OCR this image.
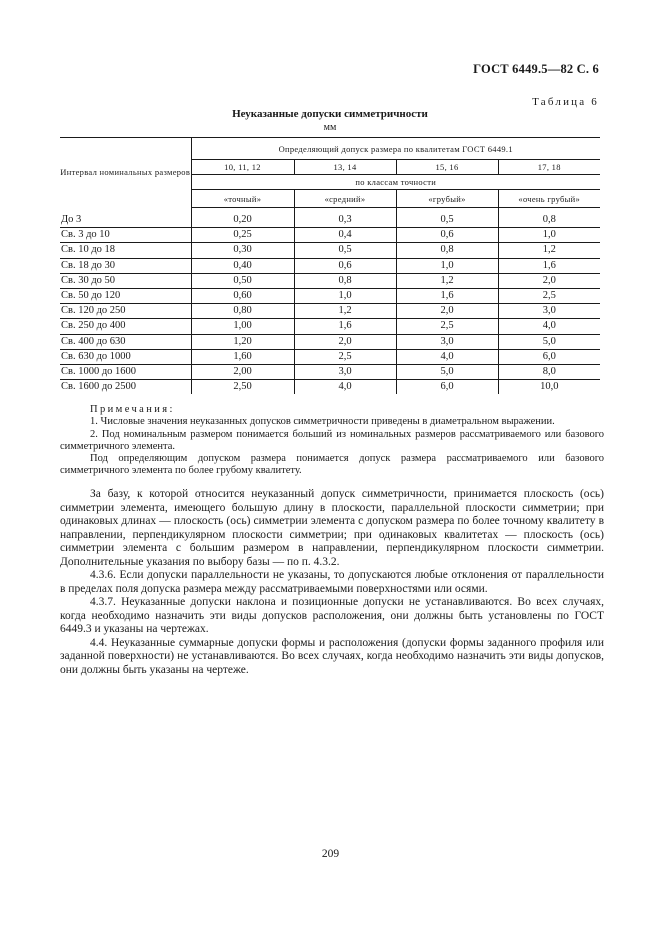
ГОСТ 6449.5—82 С. 6
Таблица 6
Неуказанные допуски симметричности
мм
Интервал номинальных размеров	Определяющий допуск размера по квалитетам ГОСТ 6449.1			
	10, 11, 12	13, 14	15, 16	17, 18
	по классам точности			
	«точный»	«средний»	«грубый»	«очень грубый»
До 3	0,20	0,3	0,5	0,8
Св. 3 до 10	0,25	0,4	0,6	1,0
Св. 10 до 18	0,30	0,5	0,8	1,2
Св. 18 до 30	0,40	0,6	1,0	1,6
Св. 30 до 50	0,50	0,8	1,2	2,0
Св. 50 до 120	0,60	1,0	1,6	2,5
Св. 120 до 250	0,80	1,2	2,0	3,0
Св. 250 до 400	1,00	1,6	2,5	4,0
Св. 400 до 630	1,20	2,0	3,0	5,0
Св. 630 до 1000	1,60	2,5	4,0	6,0
Св. 1000 до 1600	2,00	3,0	5,0	8,0
Св. 1600 до 2500	2,50	4,0	6,0	10,0
Примечания:

1. Числовые значения неуказанных допусков симметричности приведены в диаметральном выражении.

2. Под номинальным размером понимается больший из номинальных размеров рассматриваемого или базового симметричного элемента.

Под определяющим допуском размера понимается допуск размера рассматриваемого или базового симметричного элемента по более грубому квалитету.

За базу, к которой относится неуказанный допуск симметричности, принимается плоскость (ось) симметрии элемента, имеющего большую длину в плоскости, параллельной плоскости симметрии; при одинаковых длинах — плоскость (ось) симметрии элемента с допуском размера по более точному квалитету в направлении, перпендикулярном плоскости симметрии; при одинаковых квалитетах — плоскость (ось) симметрии элемента с большим размером в направлении, перпендикулярном плоскости симметрии. Дополнительные указания по выбору базы — по п. 4.3.2.

4.3.6. Если допуски параллельности не указаны, то допускаются любые отклонения от параллельности в пределах поля допуска размера между рассматриваемыми поверхностями или осями.

4.3.7. Неуказанные допуски наклона и позиционные допуски не устанавливаются. Во всех случаях, когда необходимо назначить эти виды допусков расположения, они должны быть установлены по ГОСТ 6449.3 и указаны на чертежах.

4.4. Неуказанные суммарные допуски формы и расположения (допуски формы заданного профиля или заданной поверхности) не устанавливаются. Во всех случаях, когда необходимо назначить эти виды допусков, они должны быть указаны на чертеже.

209
